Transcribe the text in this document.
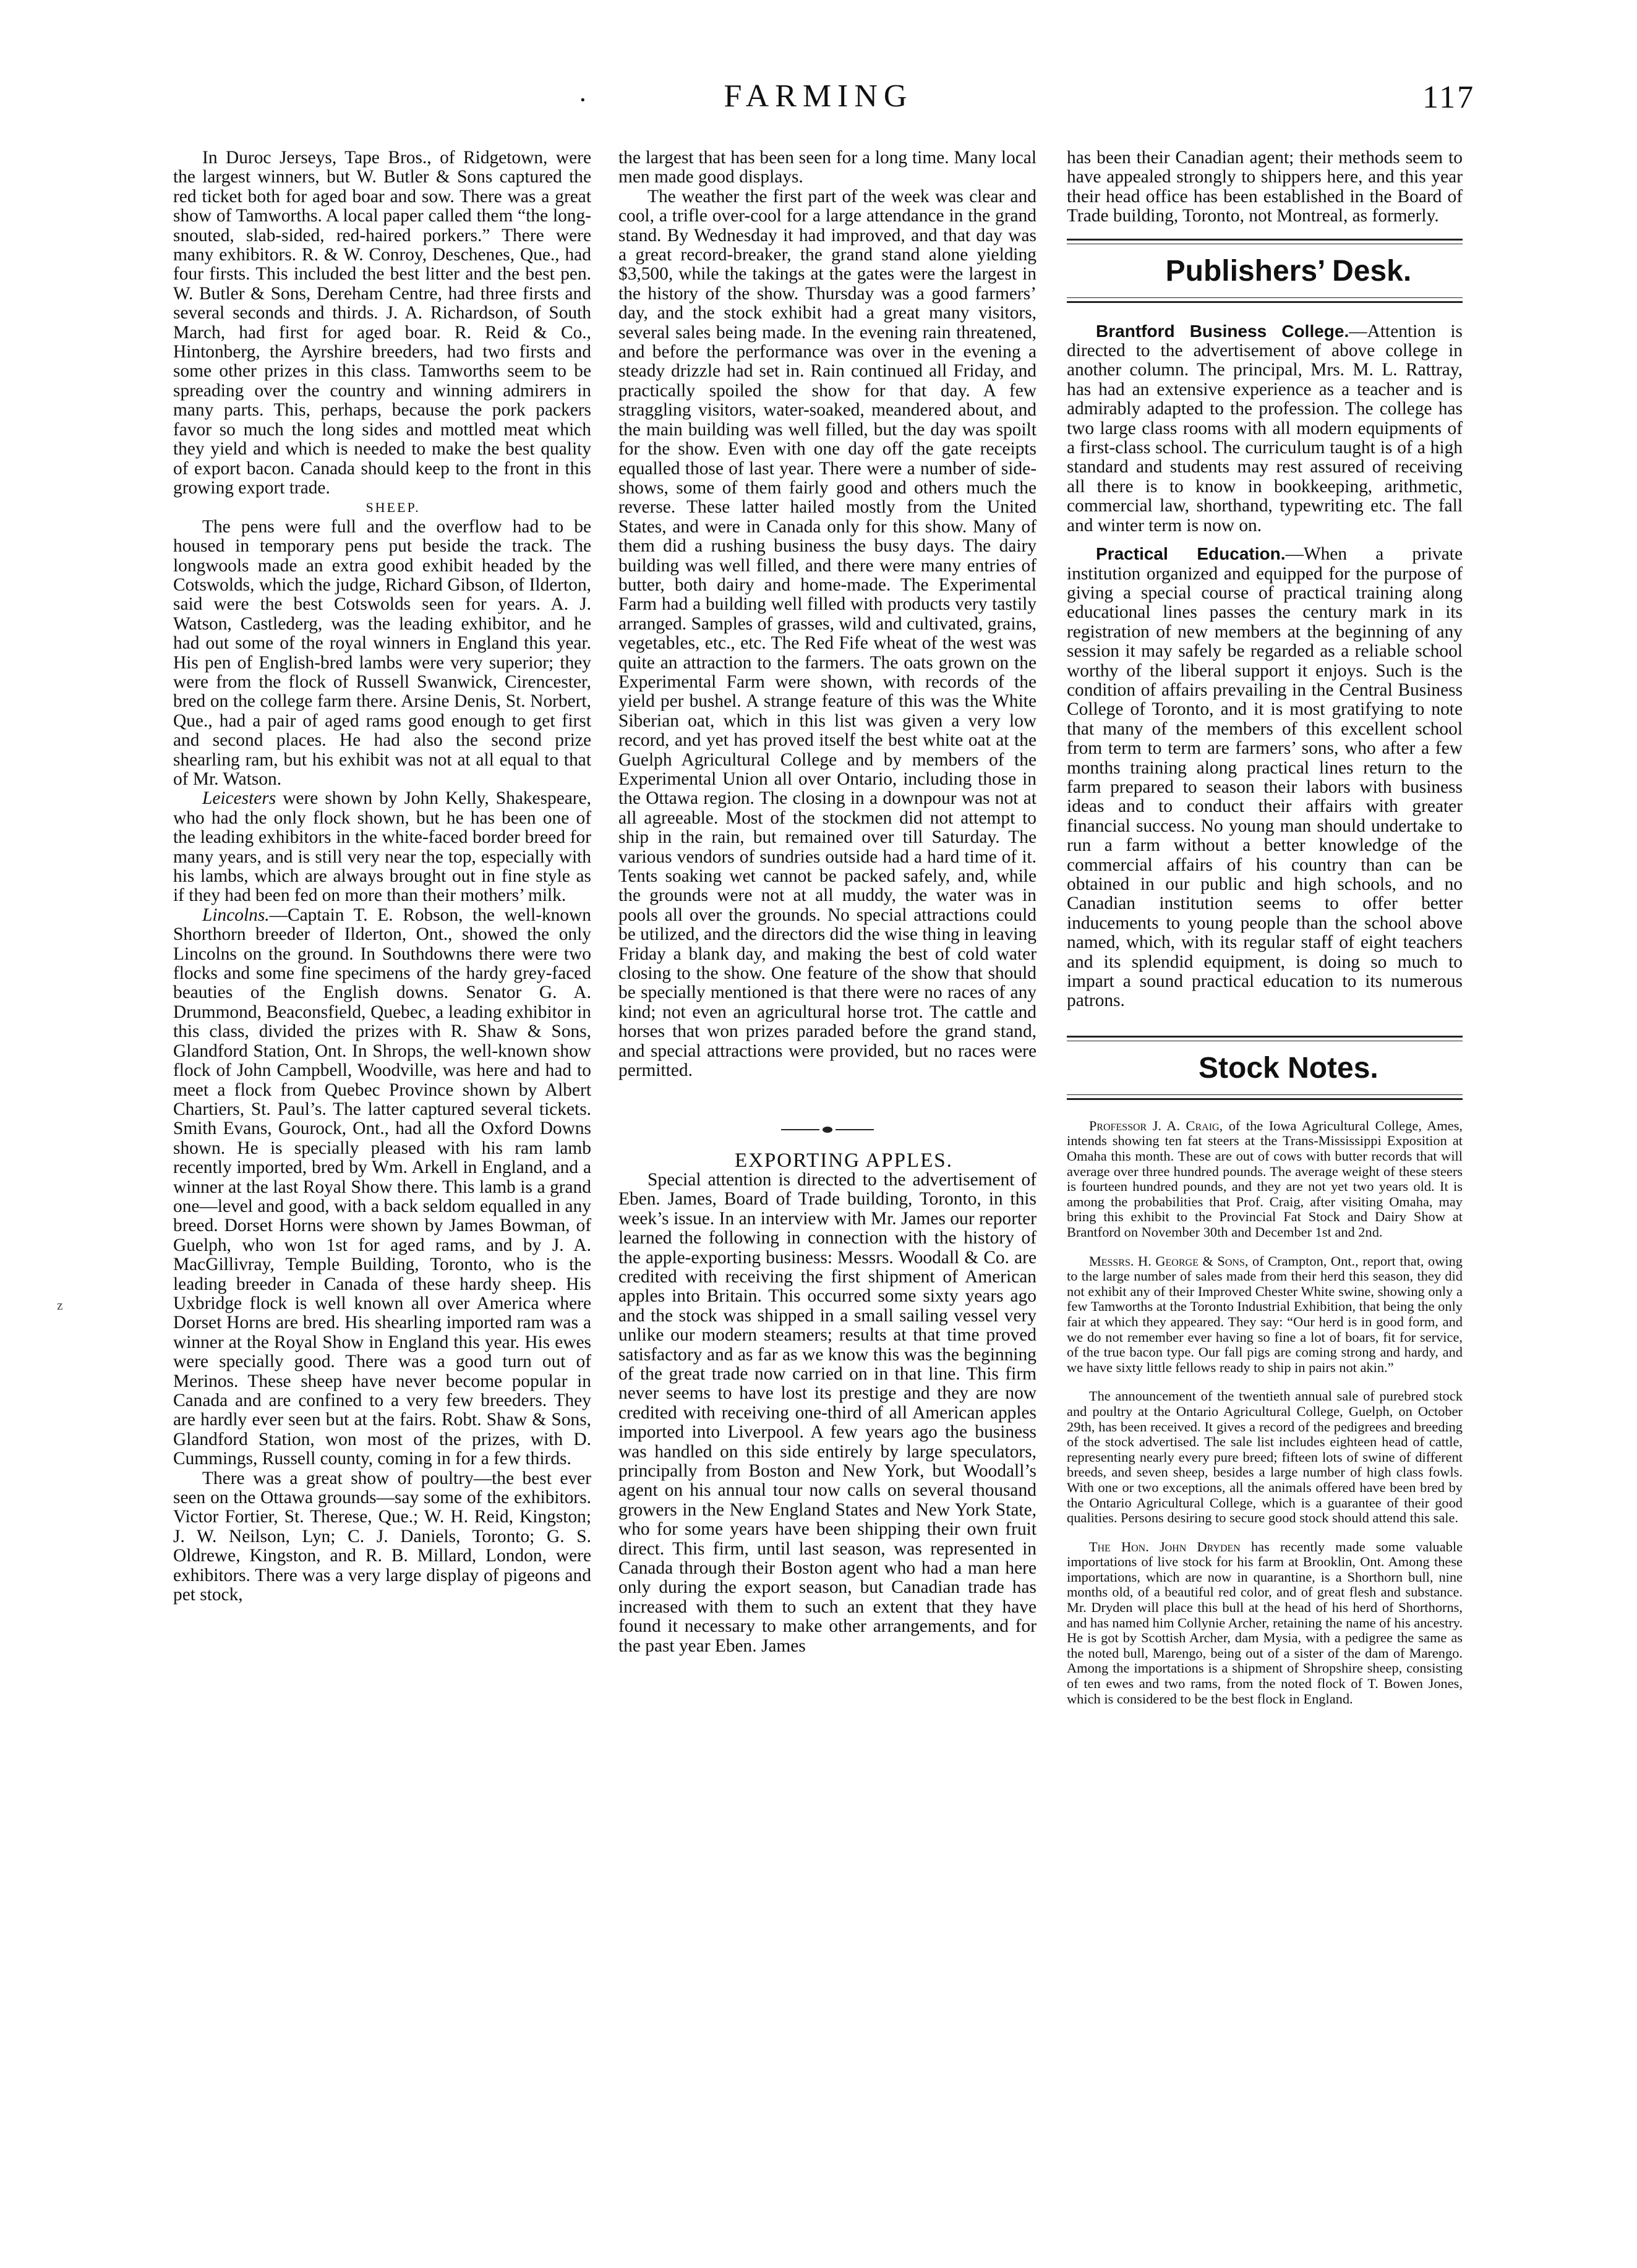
·	FARMING	117
z

In Duroc Jerseys, Tape Bros., of Ridgetown, were the largest winners, but W. Butler & Sons captured the red ticket both for aged boar and sow. There was a great show of Tamworths. A local paper called them “the long-snouted, slab-sided, red-haired porkers.” There were many exhibitors. R. & W. Conroy, Deschenes, Que., had four firsts. This included the best litter and the best pen. W. Butler & Sons, Dereham Centre, had three firsts and several seconds and thirds. J. A. Richardson, of South March, had first for aged boar. R. Reid & Co., Hintonberg, the Ayrshire breeders, had two firsts and some other prizes in this class. Tamworths seem to be spreading over the country and winning admirers in many parts. This, perhaps, because the pork packers favor so much the long sides and mottled meat which they yield and which is needed to make the best quality of export bacon. Canada should keep to the front in this growing export trade.

SHEEP.

The pens were full and the overflow had to be housed in temporary pens put beside the track. The longwools made an extra good exhibit headed by the Cotswolds, which the judge, Richard Gibson, of Ilderton, said were the best Cotswolds seen for years. A. J. Watson, Castlederg, was the leading exhibitor, and he had out some of the royal winners in England this year. His pen of English-bred lambs were very superior; they were from the flock of Russell Swanwick, Cirencester, bred on the college farm there. Arsine Denis, St. Norbert, Que., had a pair of aged rams good enough to get first and second places. He had also the second prize shearling ram, but his exhibit was not at all equal to that of Mr. Watson.

Leicesters were shown by John Kelly, Shakespeare, who had the only flock shown, but he has been one of the leading exhibitors in the white-faced border breed for many years, and is still very near the top, especially with his lambs, which are always brought out in fine style as if they had been fed on more than their mothers’ milk.

Lincolns.—Captain T. E. Robson, the well-known Shorthorn breeder of Ilderton, Ont., showed the only Lincolns on the ground. In Southdowns there were two flocks and some fine specimens of the hardy grey-faced beauties of the English downs. Senator G. A. Drummond, Beaconsfield, Quebec, a leading exhibitor in this class, divided the prizes with R. Shaw & Sons, Glandford Station, Ont. In Shrops, the well-known show flock of John Campbell, Woodville, was here and had to meet a flock from Quebec Province shown by Albert Chartiers, St. Paul’s. The latter captured several tickets. Smith Evans, Gourock, Ont., had all the Oxford Downs shown. He is specially pleased with his ram lamb recently imported, bred by Wm. Arkell in England, and a winner at the last Royal Show there. This lamb is a grand one—level and good, with a back seldom equalled in any breed. Dorset Horns were shown by James Bowman, of Guelph, who won 1st for aged rams, and by J. A. MacGillivray, Temple Building, Toronto, who is the leading breeder in Canada of these hardy sheep. His Uxbridge flock is well known all over America where Dorset Horns are bred. His shearling imported ram was a winner at the Royal Show in England this year. His ewes were specially good. There was a good turn out of Merinos. These sheep have never become popular in Canada and are confined to a very few breeders. They are hardly ever seen but at the fairs. Robt. Shaw & Sons, Glandford Station, won most of the prizes, with D. Cummings, Russell county, coming in for a few thirds.

There was a great show of poultry—the best ever seen on the Ottawa grounds—say some of the exhibitors. Victor Fortier, St. Therese, Que.; W. H. Reid, Kingston; J. W. Neilson, Lyn; C. J. Daniels, Toronto; G. S. Oldrewe, Kingston, and R. B. Millard, London, were exhibitors. There was a very large display of pigeons and pet stock,

the largest that has been seen for a long time. Many local men made good displays.

The weather the first part of the week was clear and cool, a trifle over-cool for a large attendance in the grand stand. By Wednesday it had improved, and that day was a great record-breaker, the grand stand alone yielding $3,500, while the takings at the gates were the largest in the history of the show. Thursday was a good farmers’ day, and the stock exhibit had a great many visitors, several sales being made. In the evening rain threatened, and before the performance was over in the evening a steady drizzle had set in. Rain continued all Friday, and practically spoiled the show for that day. A few straggling visitors, water-soaked, meandered about, and the main building was well filled, but the day was spoilt for the show. Even with one day off the gate receipts equalled those of last year. There were a number of side-shows, some of them fairly good and others much the reverse. These latter hailed mostly from the United States, and were in Canada only for this show. Many of them did a rushing business the busy days. The dairy building was well filled, and there were many entries of butter, both dairy and home-made. The Experimental Farm had a building well filled with products very tastily arranged. Samples of grasses, wild and cultivated, grains, vegetables, etc., etc. The Red Fife wheat of the west was quite an attraction to the farmers. The oats grown on the Experimental Farm were shown, with records of the yield per bushel. A strange feature of this was the White Siberian oat, which in this list was given a very low record, and yet has proved itself the best white oat at the Guelph Agricultural College and by members of the Experimental Union all over Ontario, including those in the Ottawa region. The closing in a downpour was not at all agreeable. Most of the stockmen did not attempt to ship in the rain, but remained over till Saturday. The various vendors of sundries outside had a hard time of it. Tents soaking wet cannot be packed safely, and, while the grounds were not at all muddy, the water was in pools all over the grounds. No special attractions could be utilized, and the directors did the wise thing in leaving Friday a blank day, and making the best of cold water closing to the show. One feature of the show that should be specially mentioned is that there were no races of any kind; not even an agricultural horse trot. The cattle and horses that won prizes paraded before the grand stand, and special attractions were provided, but no races were permitted.

EXPORTING APPLES.

Special attention is directed to the advertisement of Eben. James, Board of Trade building, Toronto, in this week’s issue. In an interview with Mr. James our reporter learned the following in connection with the history of the apple-exporting business: Messrs. Woodall & Co. are credited with receiving the first shipment of American apples into Britain. This occurred some sixty years ago and the stock was shipped in a small sailing vessel very unlike our modern steamers; results at that time proved satisfactory and as far as we know this was the beginning of the great trade now carried on in that line. This firm never seems to have lost its prestige and they are now credited with receiving one-third of all American apples imported into Liverpool. A few years ago the business was handled on this side entirely by large speculators, principally from Boston and New York, but Woodall’s agent on his annual tour now calls on several thousand growers in the New England States and New York State, who for some years have been shipping their own fruit direct. This firm, until last season, was represented in Canada through their Boston agent who had a man here only during the export season, but Canadian trade has increased with them to such an extent that they have found it necessary to make other arrangements, and for the past year Eben. James

has been their Canadian agent; their methods seem to have appealed strongly to shippers here, and this year their head office has been established in the Board of Trade building, Toronto, not Montreal, as formerly.

Publishers’ Desk.

Brantford Business College.—Attention is directed to the advertisement of above college in another column. The principal, Mrs. M. L. Rattray, has had an extensive experience as a teacher and is admirably adapted to the profession. The college has two large class rooms with all modern equipments of a first-class school. The curriculum taught is of a high standard and students may rest assured of receiving all there is to know in bookkeeping, arithmetic, commercial law, shorthand, typewriting etc. The fall and winter term is now on.

Practical Education.—When a private institution organized and equipped for the purpose of giving a special course of practical training along educational lines passes the century mark in its registration of new members at the beginning of any session it may safely be regarded as a reliable school worthy of the liberal support it enjoys. Such is the condition of affairs prevailing in the Central Business College of Toronto, and it is most gratifying to note that many of the members of this excellent school from term to term are farmers’ sons, who after a few months training along practical lines return to the farm prepared to season their labors with business ideas and to conduct their affairs with greater financial success. No young man should undertake to run a farm without a better knowledge of the commercial affairs of his country than can be obtained in our public and high schools, and no Canadian institution seems to offer better inducements to young people than the school above named, which, with its regular staff of eight teachers and its splendid equipment, is doing so much to impart a sound practical education to its numerous patrons.

Stock Notes.

Professor J. A. Craig, of the Iowa Agricultural College, Ames, intends showing ten fat steers at the Trans-Mississippi Exposition at Omaha this month. These are out of cows with butter records that will average over three hundred pounds. The average weight of these steers is fourteen hundred pounds, and they are not yet two years old. It is among the probabilities that Prof. Craig, after visiting Omaha, may bring this exhibit to the Provincial Fat Stock and Dairy Show at Brantford on November 30th and December 1st and 2nd.

Messrs. H. George & Sons, of Crampton, Ont., report that, owing to the large number of sales made from their herd this season, they did not exhibit any of their Improved Chester White swine, showing only a few Tamworths at the Toronto Industrial Exhibition, that being the only fair at which they appeared. They say: “Our herd is in good form, and we do not remember ever having so fine a lot of boars, fit for service, of the true bacon type. Our fall pigs are coming strong and hardy, and we have sixty little fellows ready to ship in pairs not akin.”

The announcement of the twentieth annual sale of purebred stock and poultry at the Ontario Agricultural College, Guelph, on October 29th, has been received. It gives a record of the pedigrees and breeding of the stock advertised. The sale list includes eighteen head of cattle, representing nearly every pure breed; fifteen lots of swine of different breeds, and seven sheep, besides a large number of high class fowls. With one or two exceptions, all the animals offered have been bred by the Ontario Agricultural College, which is a guarantee of their good qualities. Persons desiring to secure good stock should attend this sale.

The Hon. John Dryden has recently made some valuable importations of live stock for his farm at Brooklin, Ont. Among these importations, which are now in quarantine, is a Shorthorn bull, nine months old, of a beautiful red color, and of great flesh and substance. Mr. Dryden will place this bull at the head of his herd of Shorthorns, and has named him Collynie Archer, retaining the name of his ancestry. He is got by Scottish Archer, dam Mysia, with a pedigree the same as the noted bull, Marengo, being out of a sister of the dam of Marengo. Among the importations is a shipment of Shropshire sheep, consisting of ten ewes and two rams, from the noted flock of T. Bowen Jones, which is considered to be the best flock in England.
